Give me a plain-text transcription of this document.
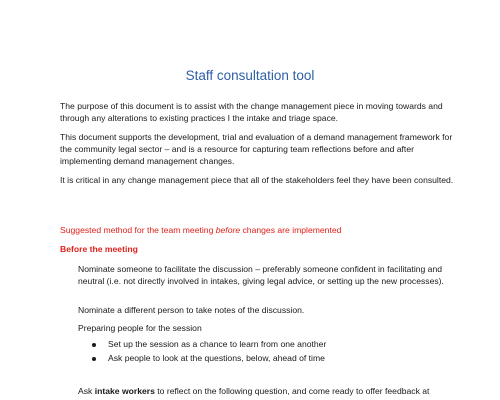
Staff consultation tool

The purpose of this document is to assist with the change management piece in moving towards and through any alterations to existing practices I the intake and triage space.

This document supports the development, trial and evaluation of a demand management framework for the community legal sector – and is a resource for capturing team reflections before and after implementing demand management changes.

It is critical in any change management piece that all of the stakeholders feel they have been consulted.

Suggested method for the team meeting before changes are implemented

Before the meeting

Nominate someone to facilitate the discussion – preferably someone confident in facilitating and neutral (i.e. not directly involved in intakes, giving legal advice, or setting up the new processes).

Nominate a different person to take notes of the discussion.

Preparing people for the session

Set up the session as a chance to learn from one another
Ask people to look at the questions, below, ahead of time

Ask intake workers to reflect on the following question, and come ready to offer feedback at
